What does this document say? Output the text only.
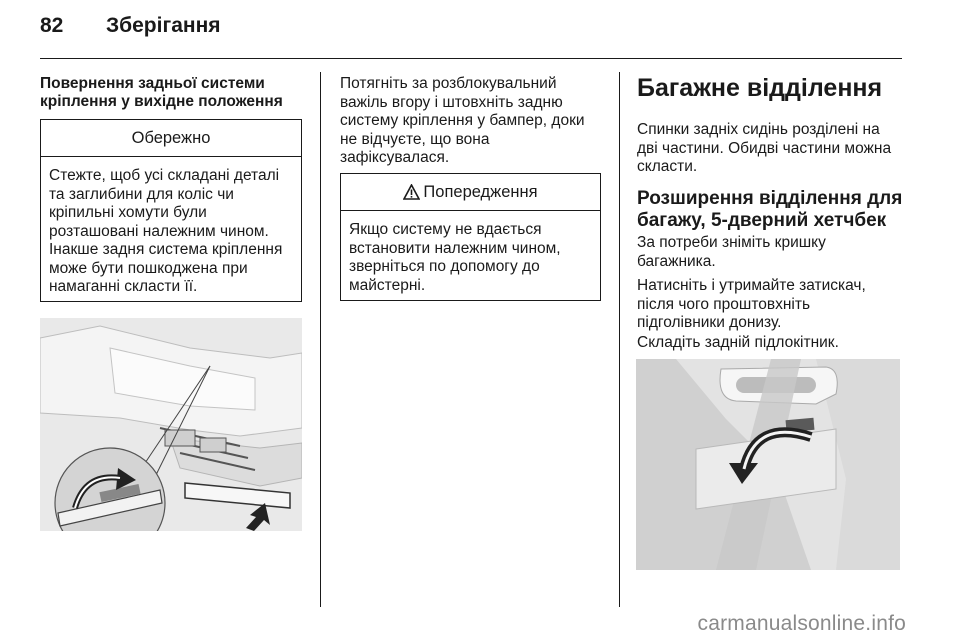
82 Зберігання
Повернення задньої системи
кріплення у вихідне положення
Обережно
Стежте, щоб усі складані деталі
та заглибини для коліс чи
кріпильні хомути були
розташовані належним чином.
Інакше задня система кріплення
може бути пошкоджена при
намаганні скласти її.
Потягніть за розблокувальний
важіль вгору і штовхніть задню
систему кріплення у бампер, доки
не відчуєте, що вона
зафіксувалася.
Попередження
Якщо систему не вдається
встановити належним чином,
зверніться по допомогу до
майстерні.
Багажне відділення
Спинки задніх сидінь розділені на
дві частини. Обидві частини можна
скласти.
Розширення відділення для
багажу, 5-дверний хетчбек
За потреби зніміть кришку
багажника.
Натисніть і утримайте затискач,
після чого проштовхніть
підголівники донизу.
Складіть задній підлокітник.
carmanualsonline.info
